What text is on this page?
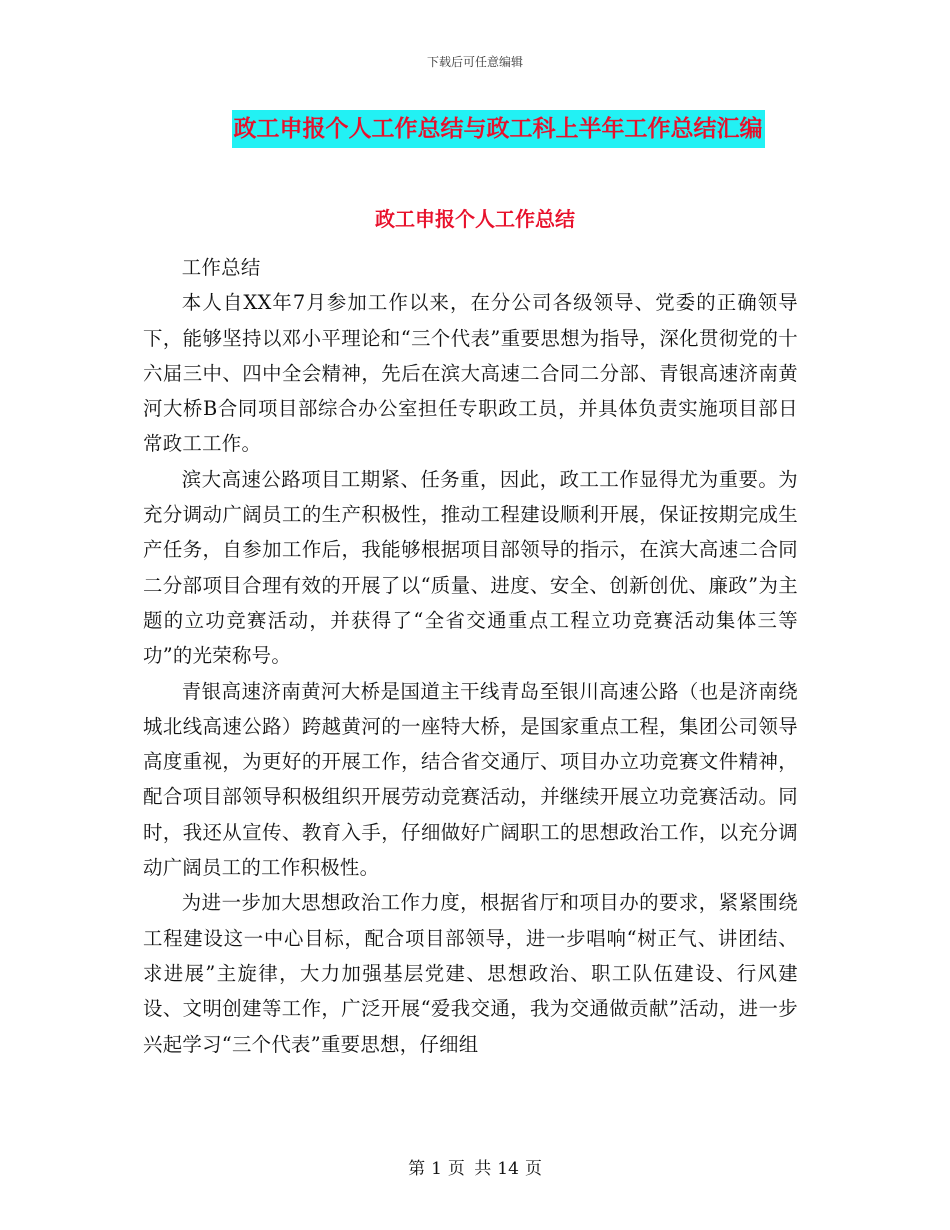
下载后可任意编辑
政工申报个人工作总结与政工科上半年工作总结汇编
政工申报个人工作总结

工作总结

本人自XX年7月参加工作以来，在分公司各级领导、党委的正确领导下，能够坚持以邓小平理论和“三个代表”重要思想为指导，深化贯彻党的十六届三中、四中全会精神，先后在滨大高速二合同二分部、青银高速济南黄河大桥B合同项目部综合办公室担任专职政工员，并具体负责实施项目部日常政工工作。

滨大高速公路项目工期紧、任务重，因此，政工工作显得尤为重要。为充分调动广阔员工的生产积极性，推动工程建设顺利开展，保证按期完成生产任务，自参加工作后，我能够根据项目部领导的指示，在滨大高速二合同二分部项目合理有效的开展了以“质量、进度、安全、创新创优、廉政”为主题的立功竞赛活动，并获得了“全省交通重点工程立功竞赛活动集体三等功”的光荣称号。

青银高速济南黄河大桥是国道主干线青岛至银川高速公路（也是济南绕城北线高速公路）跨越黄河的一座特大桥，是国家重点工程，集团公司领导高度重视，为更好的开展工作，结合省交通厅、项目办立功竞赛文件精神，配合项目部领导积极组织开展劳动竞赛活动，并继续开展立功竞赛活动。同时，我还从宣传、教育入手，仔细做好广阔职工的思想政治工作，以充分调动广阔员工的工作积极性。

为进一步加大思想政治工作力度，根据省厅和项目办的要求，紧紧围绕工程建设这一中心目标，配合项目部领导，进一步唱响“树正气、讲团结、求进展”主旋律，大力加强基层党建、思想政治、职工队伍建设、行风建设、文明创建等工作，广泛开展“爱我交通，我为交通做贡献”活动，进一步兴起学习“三个代表”重要思想，仔细组

第 1 页 共 14 页
